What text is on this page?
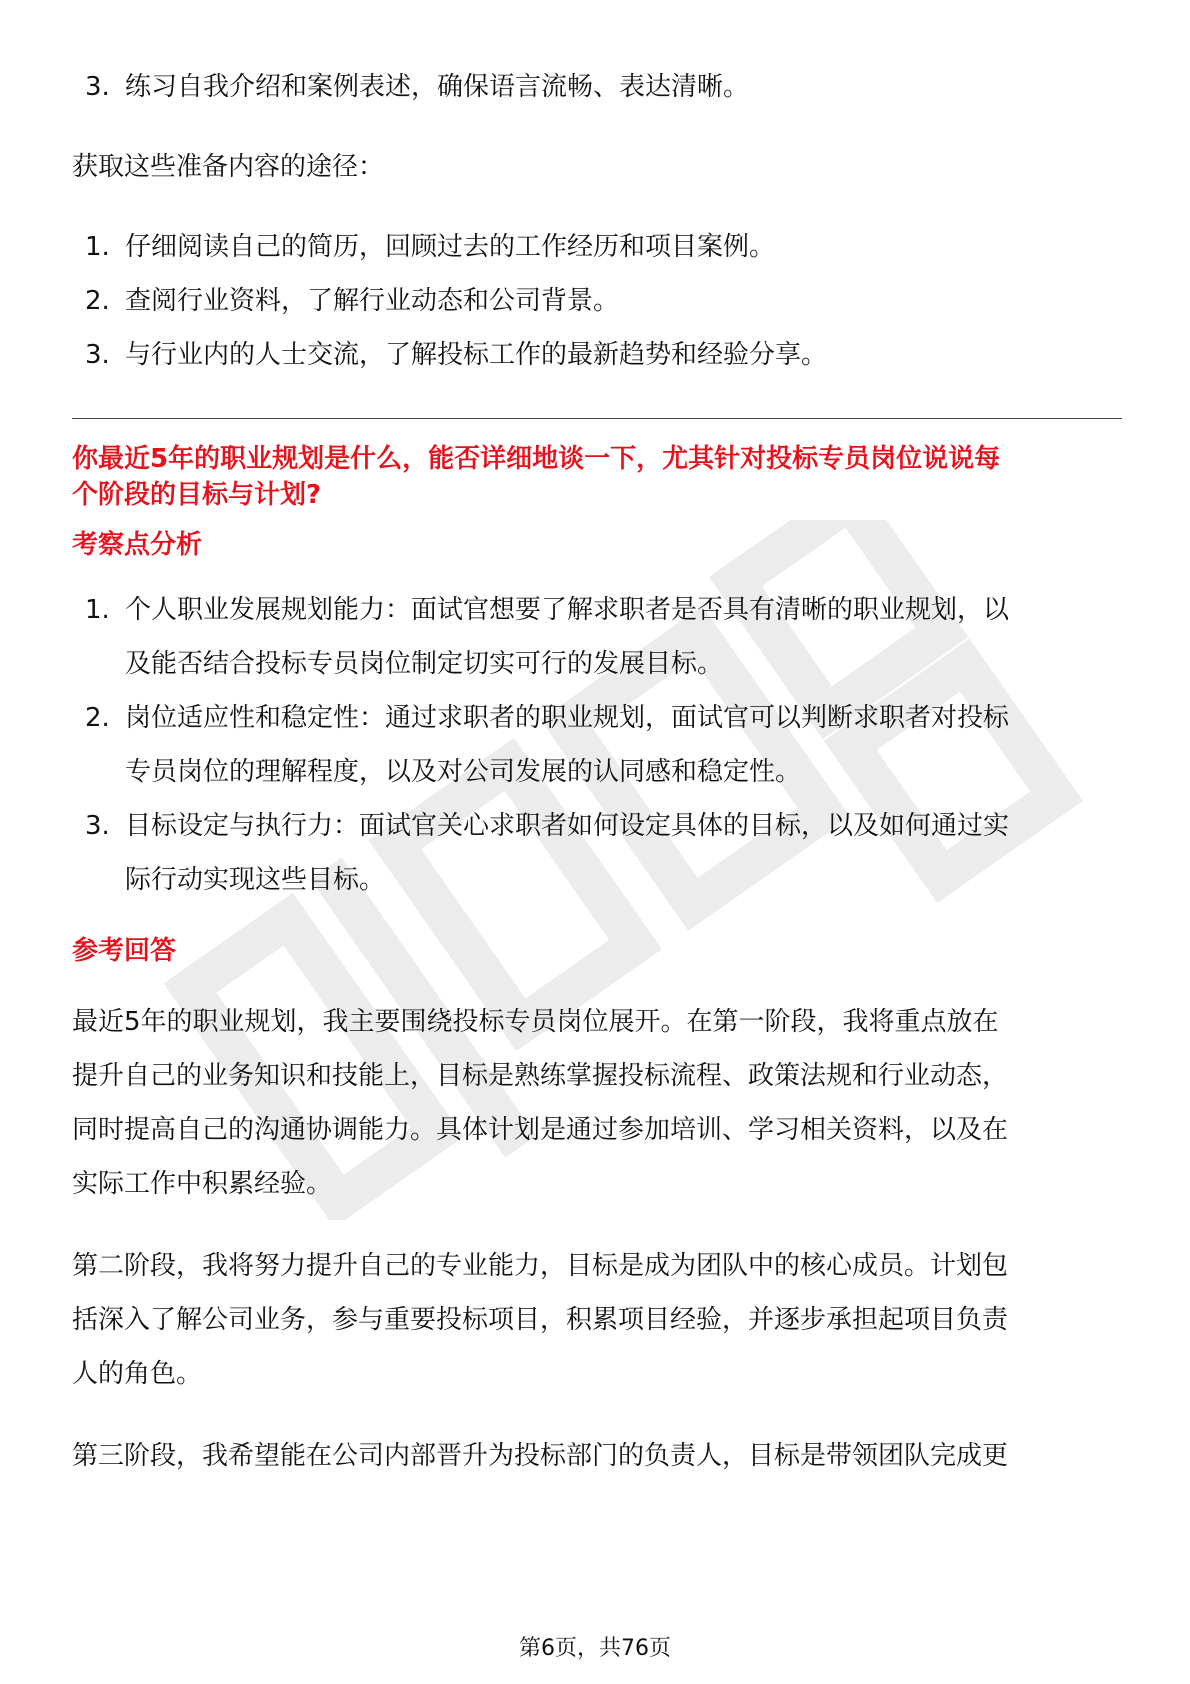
3. 练习自我介绍和案例表述，确保语言流畅、表达清晰。

获取这些准备内容的途径：

1. 仔细阅读自己的简历，回顾过去的工作经历和项目案例。
2. 查阅行业资料，了解行业动态和公司背景。
3. 与行业内的人士交流，了解投标工作的最新趋势和经验分享。
你最近5年的职业规划是什么，能否详细地谈一下，尤其针对投标专员岗位说说每
个阶段的目标与计划?
考察点分析
1. 个人职业发展规划能力：面试官想要了解求职者是否具有清晰的职业规划，以
及能否结合投标专员岗位制定切实可行的发展目标。
2. 岗位适应性和稳定性：通过求职者的职业规划，面试官可以判断求职者对投标
专员岗位的理解程度，以及对公司发展的认同感和稳定性。
3. 目标设定与执行力：面试官关心求职者如何设定具体的目标，以及如何通过实
际行动实现这些目标。
参考回答
最近5年的职业规划，我主要围绕投标专员岗位展开。在第一阶段，我将重点放在
提升自己的业务知识和技能上，目标是熟练掌握投标流程、政策法规和行业动态，
同时提高自己的沟通协调能力。具体计划是通过参加培训、学习相关资料，以及在
实际工作中积累经验。
第二阶段，我将努力提升自己的专业能力，目标是成为团队中的核心成员。计划包
括深入了解公司业务，参与重要投标项目，积累项目经验，并逐步承担起项目负责
人的角色。
第三阶段，我希望能在公司内部晋升为投标部门的负责人，目标是带领团队完成更
第6页，共76页
